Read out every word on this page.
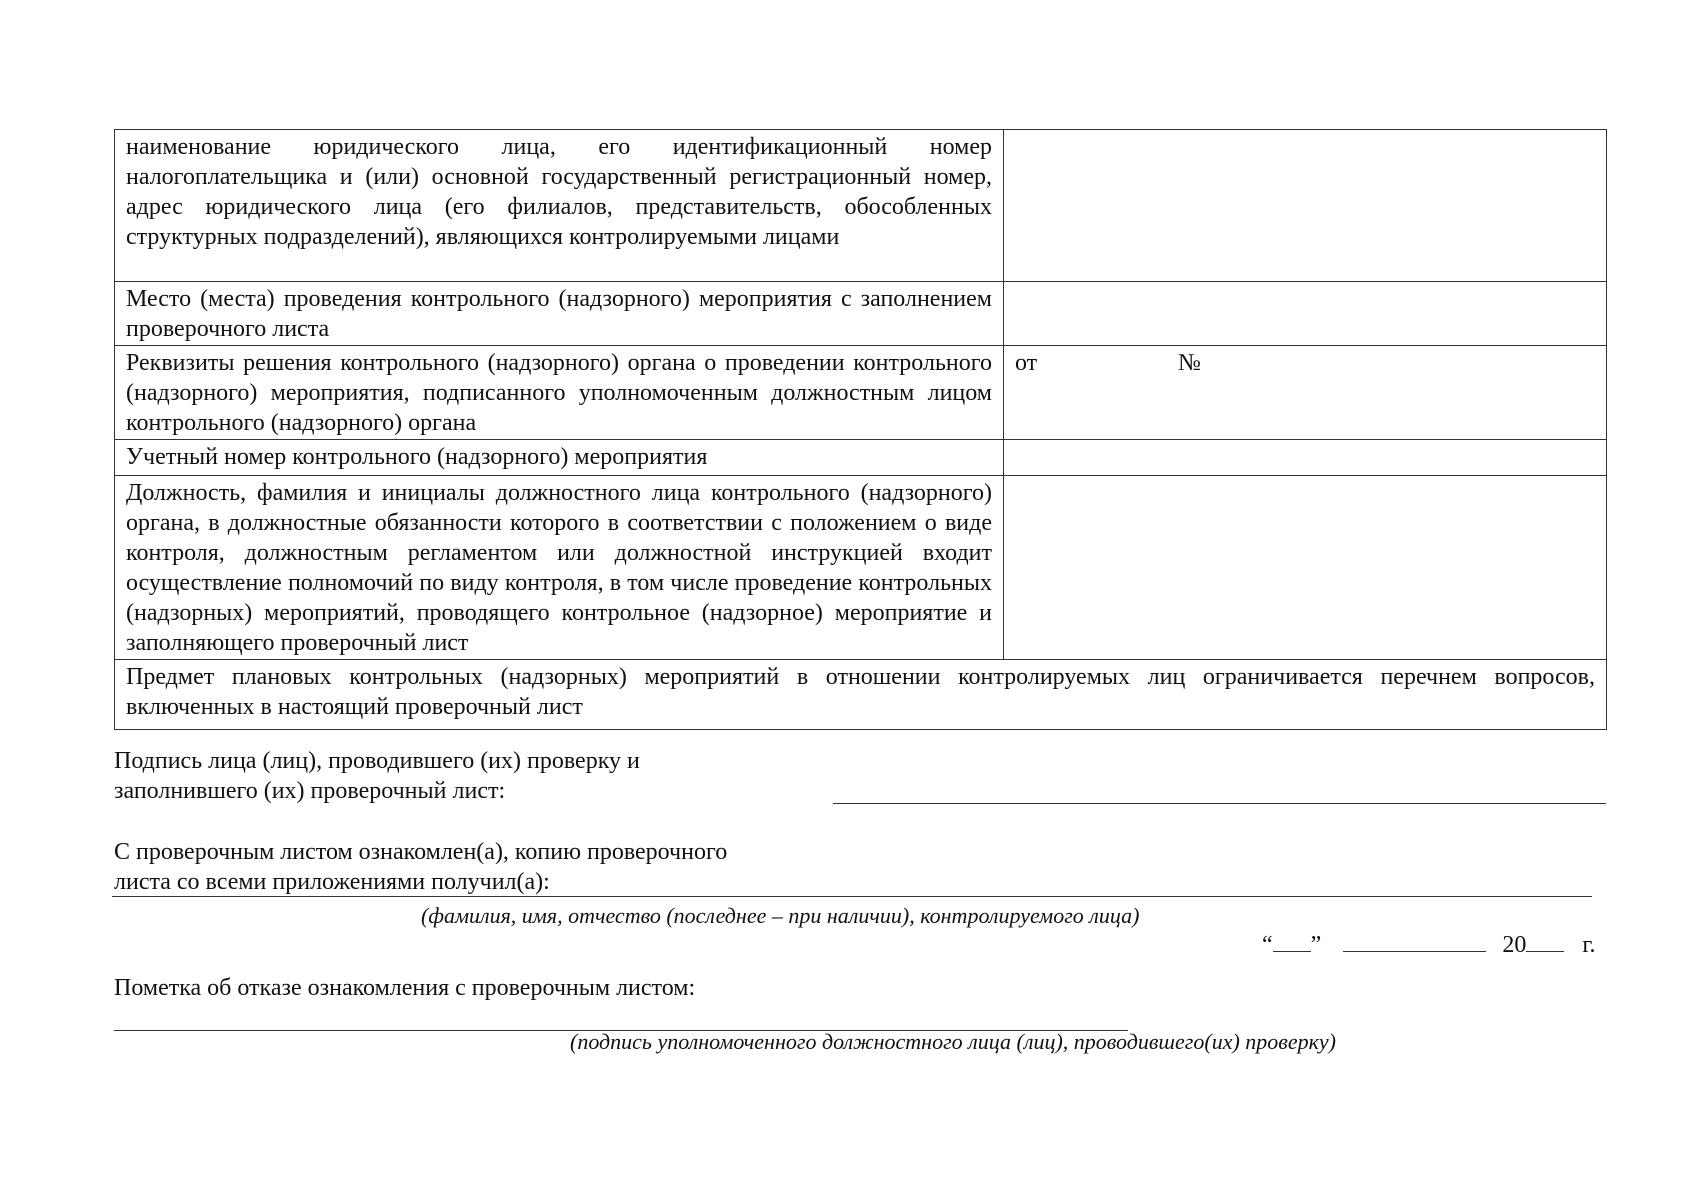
наименование юридического лица, его идентификационный номер налогоплательщика и (или) основной государственный регистрационный номер, адрес юридического лица (его филиалов, представительств, обособленных структурных подразделений), являющихся контролируемыми лицами	
Место (места) проведения контрольного (надзорного) мероприятия с заполнением проверочного листа	
Реквизиты решения контрольного (надзорного) органа о проведении контрольного (надзорного) мероприятия, подписанного уполномоченным должностным лицом контрольного (надзорного) органа	от №
Учетный номер контрольного (надзорного) мероприятия	
Должность, фамилия и инициалы должностного лица контрольного (надзорного) органа, в должностные обязанности которого в соответствии с положением о виде контроля, должностным регламентом или должностной инструкцией входит осуществление полномочий по виду контроля, в том числе проведение контрольных (надзорных) мероприятий, проводящего контрольное (надзорное) мероприятие и заполняющего проверочный лист	
Предмет плановых контрольных (надзорных) мероприятий в отношении контролируемых лиц ограничивается перечнем вопросов, включенных в настоящий проверочный лист	
Подпись лица (лиц), проводившего (их) проверку и
заполнившего (их) проверочный лист:
С проверочным листом ознакомлен(а), копию проверочного
листа со всеми приложениями получил(а):
(фамилия, имя, отчество (последнее – при наличии), контролируемого лица)
“ ”	20 г.
Пометка об отказе ознакомления с проверочным листом:
(подпись уполномоченного должностного лица (лиц), проводившего(их) проверку)
